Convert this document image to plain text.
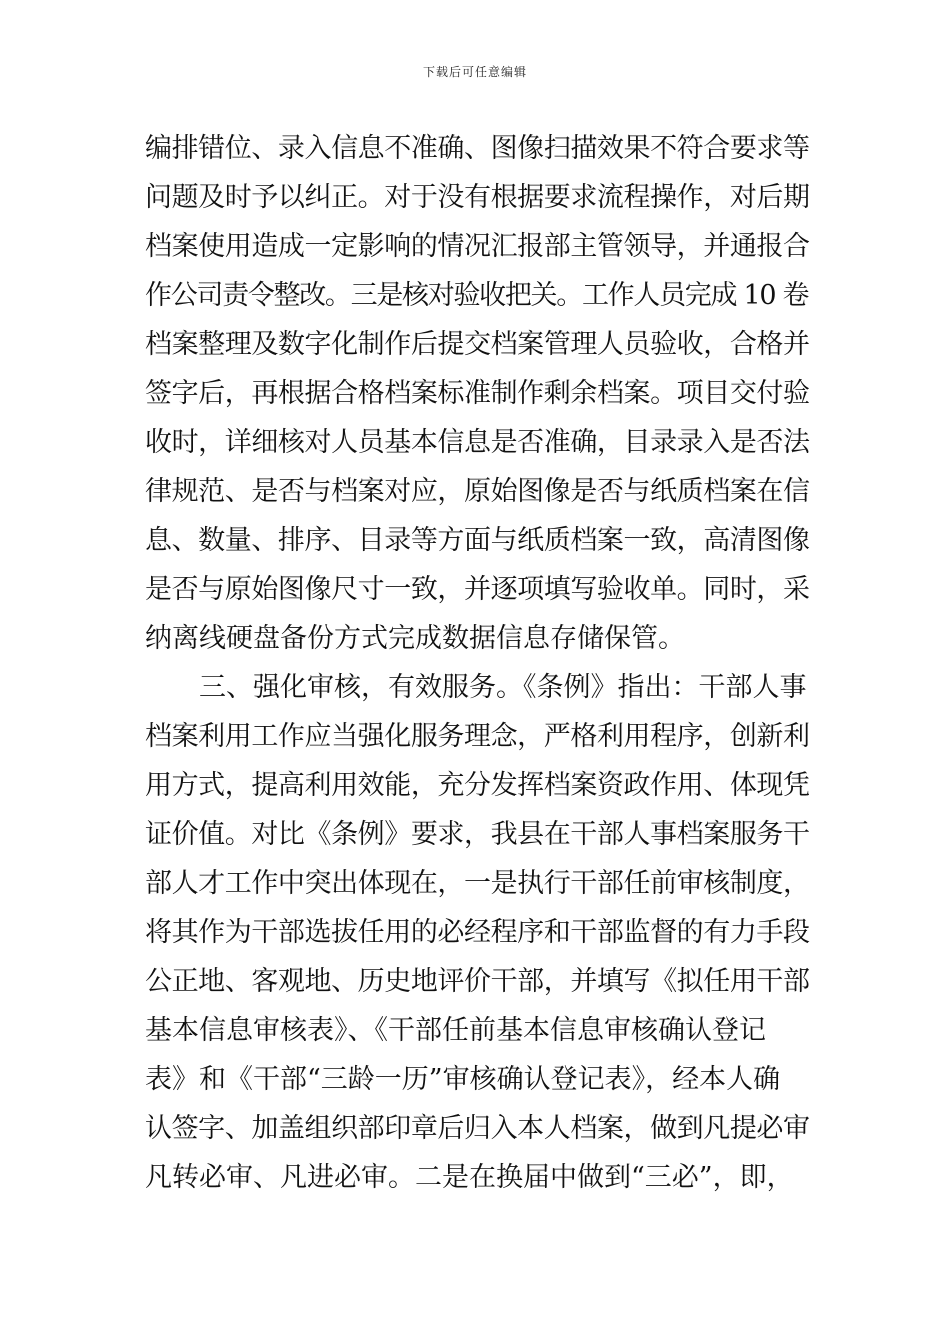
下载后可任意编辑
编排错位、录入信息不准确、图像扫描效果不符合要求等
问题及时予以纠正。对于没有根据要求流程操作，对后期
档案使用造成一定影响的情况汇报部主管领导，并通报合
作公司责令整改。三是核对验收把关。工作人员完成 10 卷
档案整理及数字化制作后提交档案管理人员验收，合格并
签字后，再根据合格档案标准制作剩余档案。项目交付验
收时，详细核对人员基本信息是否准确，目录录入是否法
律规范、是否与档案对应，原始图像是否与纸质档案在信
息、数量、排序、目录等方面与纸质档案一致，高清图像
是否与原始图像尺寸一致，并逐项填写验收单。同时，采
纳离线硬盘备份方式完成数据信息存储保管。
三、强化审核，有效服务。《条例》指出：干部人事
档案利用工作应当强化服务理念，严格利用程序，创新利
用方式，提高利用效能，充分发挥档案资政作用、体现凭
证价值。对比《条例》要求，我县在干部人事档案服务干
部人才工作中突出体现在，一是执行干部任前审核制度，
将其作为干部选拔任用的必经程序和干部监督的有力手段
公正地、客观地、历史地评价干部，并填写《拟任用干部
基本信息审核表》、《干部任前基本信息审核确认登记
表》和《干部“三龄一历”审核确认登记表》，经本人确
认签字、加盖组织部印章后归入本人档案，做到凡提必审
凡转必审、凡进必审。二是在换届中做到“三必”，即，
